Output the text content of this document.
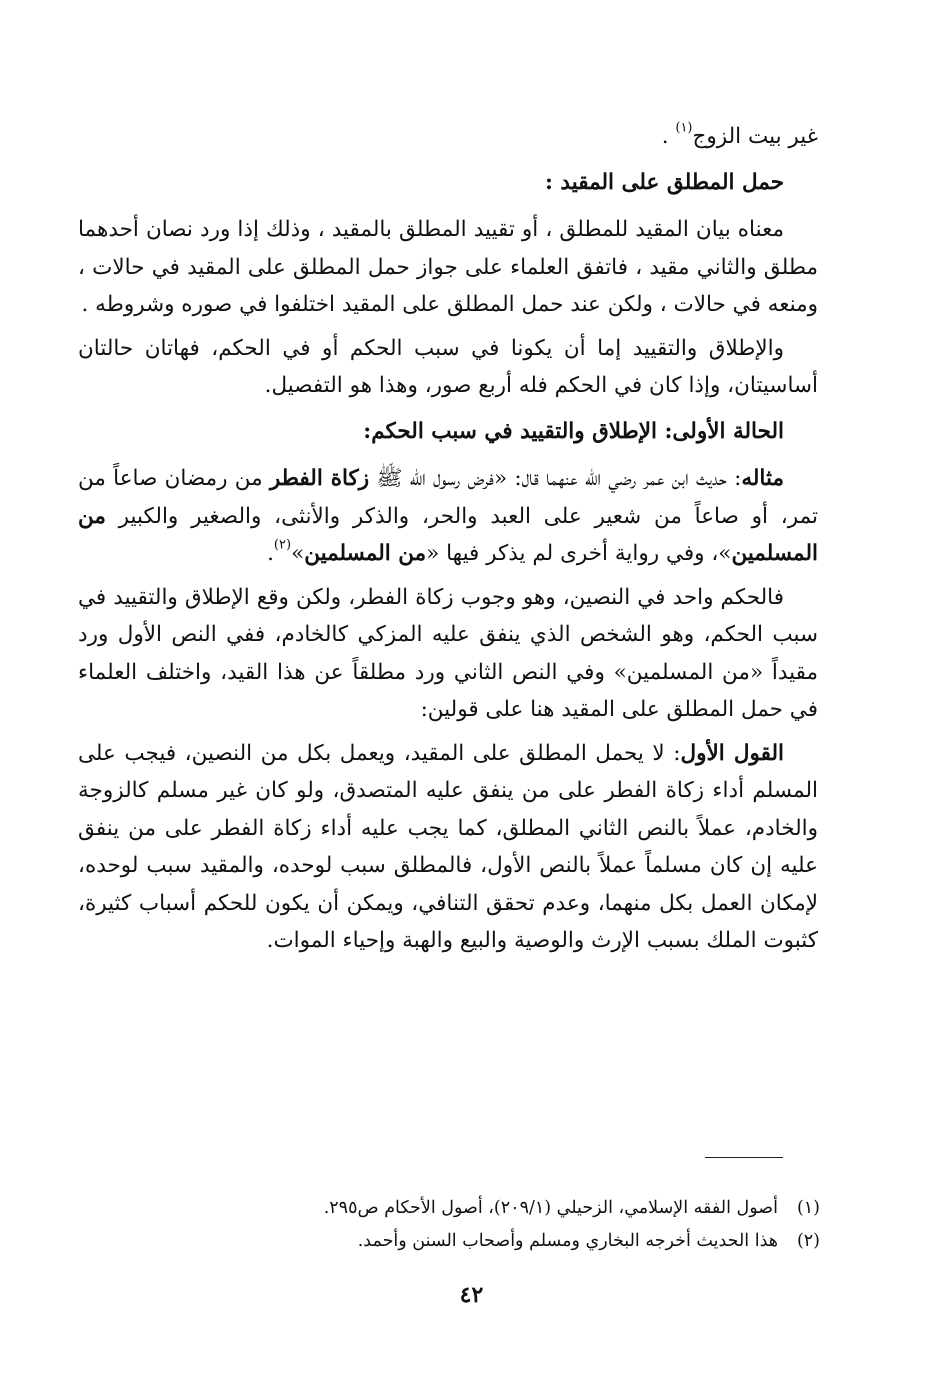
غير بيت الزوج$^{(١)}$ .

حمل المطلق على المقيد :

معناه بيان المقيد للمطلق ، أو تقييد المطلق بالمقيد ، وذلك إذا ورد نصان أحدهما مطلق والثاني مقيد ، فاتفق العلماء على جواز حمل المطلق على المقيد في حالات ، ومنعه في حالات ، ولكن عند حمل المطلق على المقيد اختلفوا في صوره وشروطه .

والإطلاق والتقييد إما أن يكونا في سبب الحكم أو في الحكم، فهاتان حالتان أساسيتان، وإذا كان في الحكم فله أربع صور، وهذا هو التفصيل.

الحالة الأولى: الإطلاق والتقييد في سبب الحكم:

مثاله: حديث ابن عمر رضي الله عنهما قال: «فرض رسول الله ﷺ زكاة الفطر من رمضان صاعاً من تمر، أو صاعاً من شعير على العبد والحر، والذكر والأنثى، والصغير والكبير من المسلمين»، وفي رواية أخرى لم يذكر فيها «من المسلمين»$^{(٢)}$.

فالحكم واحد في النصين، وهو وجوب زكاة الفطر، ولكن وقع الإطلاق والتقييد في سبب الحكم، وهو الشخص الذي ينفق عليه المزكي كالخادم، ففي النص الأول ورد مقيداً «من المسلمين» وفي النص الثاني ورد مطلقاً عن هذا القيد، واختلف العلماء في حمل المطلق على المقيد هنا على قولين:

القول الأول: لا يحمل المطلق على المقيد، ويعمل بكل من النصين، فيجب على المسلم أداء زكاة الفطر على من ينفق عليه المتصدق، ولو كان غير مسلم كالزوجة والخادم، عملاً بالنص الثاني المطلق، كما يجب عليه أداء زكاة الفطر على من ينفق عليه إن كان مسلماً عملاً بالنص الأول، فالمطلق سبب لوحده، والمقيد سبب لوحده، لإمكان العمل بكل منهما، وعدم تحقق التنافي، ويمكن أن يكون للحكم أسباب كثيرة، كثبوت الملك بسبب الإرث والوصية والبيع والهبة وإحياء الموات.

(١)أصول الفقه الإسلامي، الزحيلي (٢٠٩/١)، أصول الأحكام ص٢٩٥.

(٢)هذا الحديث أخرجه البخاري ومسلم وأصحاب السنن وأحمد.

٤٢
